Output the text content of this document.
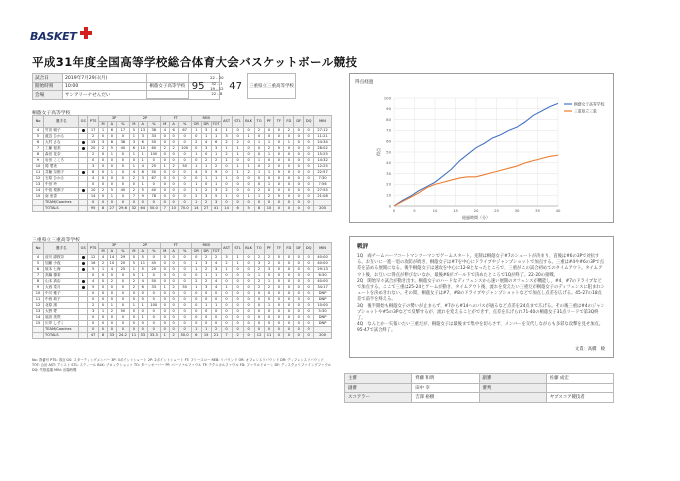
BASKET
平成31年度全国高等学校総合体育大会バスケットボール競技
試合日	2019年7月29日(月)
開始時刻	10:00
会場	サンアリーナせんだい
桐蔭女子高等学校 95
22 - 20
32 - 7
19 - 12
22 - 8
47	三重県立三重高等学校
桐蔭女子高等学校
No	選手名	GS	PTS	3P			2P			FT			REB			AST	STL	BLK	TO	PF	TF	FD	DF	DQ	MIN
				M	A	%	M	A	%	M	A	%	OR	DR	TOT										
4	竹田 朝子		17	1	6	17	5	13	38	4	6	67	1	3	4	1	0	0	2	0	0	2	0	0	27:12
5	渡辺 ひかる		2	0	0	0	1	3	33	0	0	0	0	1	1	3	0	1	0	0	0	0	0	0	11:21
6	大村 さな		15	3	8	38	3	6	50	0	0	0	2	4	6	2	2	0	1	1	0	1	0	0	24:34
7	工藤 留美		20	2	5	40	6	10	60	2	2	100	0	3	3	1	1	0	0	2	0	0	0	0	28:02
8	森田 花奈		2	0	1	0	1	1	100	0	0	0	1	0	1	2	1	0	0	1	0	0	0	0	15:25
9	岩田 こころ		0	0	0	0	0	1	0	0	0	0	0	2	2	1	0	0	1	0	0	0	0	0	14:32
10	岡 愛美		3	0	0	0	1	4	25	1	2	50	1	1	2	0	1	1	0	2	0	0	0	0	12:25
11	井藤 奈都子		8	0	1	0	4	8	50	0	0	0	4	5	9	0	1	2	1	1	0	0	0	0	22:57
12	石原 ひかる		4	0	0	0	2	3	67	0	0	0	0	1	1	1	0	0	0	0	0	0	0	0	7:30
13	中田 玲		0	0	0	0	0	1	0	0	0	0	1	0	1	0	0	0	0	1	0	0	0	0	7:56
14	中島 梨都子		10	2	5	40	2	5	40	0	0	0	1	2	3	2	0	0	2	0	0	0	0	0	27:55
15	南 里香		14	0	1	0	7	9	78	0	0	0	2	3	5	1	0	1	1	2	0	0	0	0	21:08
	TEAM/Coaches		0	0	0	0	0	0	0	0	0	0	1	2	3	0	0	0	0	0	0	0	0	0	
	TOTALS		95	8	27	29.6	32	64	50.0	7	10	70.0	14	27	41	14	6	5	8	10	0	0	0	0	200
三重県立三重高等学校
No	選手名	GS	PTS	3P			2P			FT			REB			AST	STL	BLK	TO	PF	TF	FD	DF	DQ	MIN
				M	A	%	M	A	%	M	A	%	OR	DR	TOT										
4	前川 緋桜奈		12	4	14	29	0	5	0	0	0	0	0	2	2	3	1	0	2	2	0	0	0	0	40:00
5	加藤 小夜		16	2	10	20	5	11	45	0	0	0	1	3	4	2	1	0	3	2	0	0	0	0	40:00
6	坂本 七海		5	1	4	25	1	5	20	0	0	0	1	2	3	1	0	0	2	3	0	0	0	0	29:13
7	高橋 優希		0	0	0	0	0	1	0	0	0	0	0	1	1	0	0	0	1	0	0	0	0	0	6:30
8	山本 真由		4	0	2	0	2	4	50	0	0	0	2	2	4	0	0	0	2	1	0	0	0	0	40:00
9	大西 菜月		5	0	0	0	2	6	33	1	2	50	1	3	4	1	0	0	2	2	0	0	0	0	34:17
10	中川 雅子		0	0	0	0	0	0	0	0	0	0	0	0	0	0	0	0	0	0	0	0	0	0	DNP
11	中西 莉子		0	0	0	0	0	0	0	0	0	0	0	0	0	0	0	0	0	0	0	0	0	0	DNP
12	北原 凛		2	0	1	0	1	1	100	0	0	0	0	1	1	0	0	0	0	1	0	0	0	0	10:00
13	大野 愛		3	1	2	50	0	0	0	0	0	0	0	0	0	0	0	0	0	0	0	0	0	0	5:30
14	福田 美咲		0	0	0	0	0	1	0	0	0	0	0	0	0	0	0	0	0	0	0	0	0	0	DNP
15	川岸 しずく		0	0	0	0	0	0	0	0	0	0	0	0	0	0	0	0	0	0	0	0	0	0	DNP
	TEAM/Coaches		0	0	0	0	0	0	0	0	0	0	1	1	2	0	0	0	0	0	0	0	0	0	
	TOTALS		47	8	33	24.2	11	33	33.3	1	2	50.0	6	15	21	7	2	0	12	11	0	0	0	0	200
No: 背番号 PTS: 得点 GS: スターティングメンバー 3P: 3ポイントシュート 2P: 2ポイントシュート FT: フリースロー REB: リバウンド OR: オフェンスリバウンド DR: ディフェンスリバウンド TOT: 合計 AST: アシスト STL: スティール BLK: ブロックショット TO: ターンオーバー PF: パーソナルファウル TF: テクニカルファウル FD: ファウルドローン DF: ディスクォリファイングファウル DQ: 失格退場 MIN: 出場時間
得点経過
0
10
20
30
40
50
60
70
80
90
100
0	5	10	15	20	25	30	35	40
経過時間（分）
得点
桐蔭女子高等学校
三重県立三重
戦評
1Q　両チームハーフコートマンツーマンでゲームスタート。先制は桐蔭女子#7のシュートが決まり、直後は#6の3Pで対抗する。お互いに一進一退の攻防が続き、桐蔭女子は#7を中心にドライブやジャンプショットで加点する。三重は#4や#6の3Pで点差を詰める展開になる。後半桐蔭女子は速攻を中心に12-8となったところで、三重がこの試合初めてのタイムアウト。タイムアウト後、お互いに得点が伸びないなか、最後#6がゴール下で決めたところで1Qが終了。22-20の接戦。
2Q　開始早々試合が動き出す。桐蔭女子のハードなディフェンスから速い展開のオフェンスが機能し、#4、#7のドライブなどで加点する。ここで三重は25-24とゲームが動き、タイムアウト後、流れを変えたい三重だが桐蔭女子のディフェンスに阻まれシュートを決めきれない。その間、桐蔭女子は#7、#8のドライブやジャンプショットなどで加点し点差を広げる。45-27の18点差で前半を終える。
3Q　後半開始も桐蔭女子の勢いが止まらず、#7から#14へのパスが通るなど点差を24点まで広げる。その後三重は#4のジャンプショットや#5の3Pなどで反撃するが、流れを変えることができず、点差を広げられ71-40の桐蔭女子31点リードで第3Q終了。
4Q　なんとか一矢報いたい三重だが、桐蔭女子は最後まで集中を切らさず、メンバーを交代しながらも多彩な攻撃を見せ加点。95-47で試合終了。
文責：高橋　綾
主審	齊藤 和明	副審	佐藤 成宏
副審	田中 幸	審判	
スコアラー	吉澤 裕樹		ヤブスコア競技者
